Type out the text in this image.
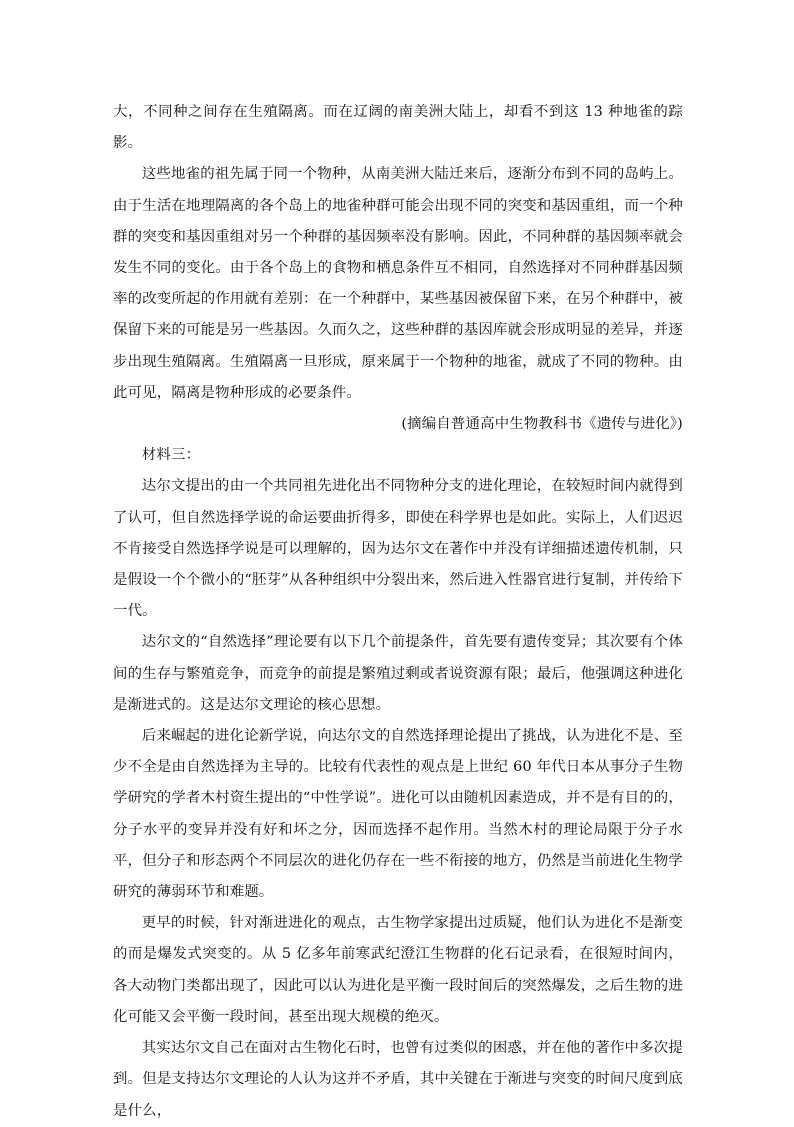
大，不同种之间存在生殖隔离。而在辽阔的南美洲大陆上，却看不到这 13 种地雀的踪影。

这些地雀的祖先属于同一个物种，从南美洲大陆迁来后，逐渐分布到不同的岛屿上。由于生活在地理隔离的各个岛上的地雀种群可能会出现不同的突变和基因重组，而一个种群的突变和基因重组对另一个种群的基因频率没有影响。因此，不同种群的基因频率就会发生不同的变化。由于各个岛上的食物和栖息条件互不相同，自然选择对不同种群基因频率的改变所起的作用就有差别：在一个种群中，某些基因被保留下来，在另个种群中，被保留下来的可能是另一些基因。久而久之，这些种群的基因库就会形成明显的差异，并逐步出现生殖隔离。生殖隔离一旦形成，原来属于一个物种的地雀，就成了不同的物种。由此可见，隔离是物种形成的必要条件。

(摘编自普通高中生物教科书《遗传与进化》)

材料三：

达尔文提出的由一个共同祖先进化出不同物种分支的进化理论，在较短时间内就得到了认可，但自然选择学说的命运要曲折得多，即使在科学界也是如此。实际上，人们迟迟不肯接受自然选择学说是可以理解的，因为达尔文在著作中并没有详细描述遗传机制，只是假设一个个微小的“胚芽”从各种组织中分裂出来，然后进入性器官进行复制，并传给下一代。

达尔文的“自然选择”理论要有以下几个前提条件，首先要有遗传变异；其次要有个体间的生存与繁殖竞争，而竞争的前提是繁殖过剩或者说资源有限；最后，他强调这种进化是渐进式的。这是达尔文理论的核心思想。

后来崛起的进化论新学说，向达尔文的自然选择理论提出了挑战，认为进化不是、至少不全是由自然选择为主导的。比较有代表性的观点是上世纪 60 年代日本从事分子生物学研究的学者木村资生提出的“中性学说”。进化可以由随机因素造成，并不是有目的的，分子水平的变异并没有好和坏之分，因而选择不起作用。当然木村的理论局限于分子水平，但分子和形态两个不同层次的进化仍存在一些不衔接的地方，仍然是当前进化生物学研究的薄弱环节和难题。

更早的时候，针对渐进进化的观点，古生物学家提出过质疑，他们认为进化不是渐变的而是爆发式突变的。从 5 亿多年前寒武纪澄江生物群的化石记录看，在很短时间内，各大动物门类都出现了，因此可以认为进化是平衡一段时间后的突然爆发，之后生物的进化可能又会平衡一段时间，甚至出现大规模的绝灭。

其实达尔文自己在面对古生物化石时，也曾有过类似的困惑，并在他的著作中多次提到。但是支持达尔文理论的人认为这并不矛盾，其中关键在于渐进与突变的时间尺度到底是什么，
